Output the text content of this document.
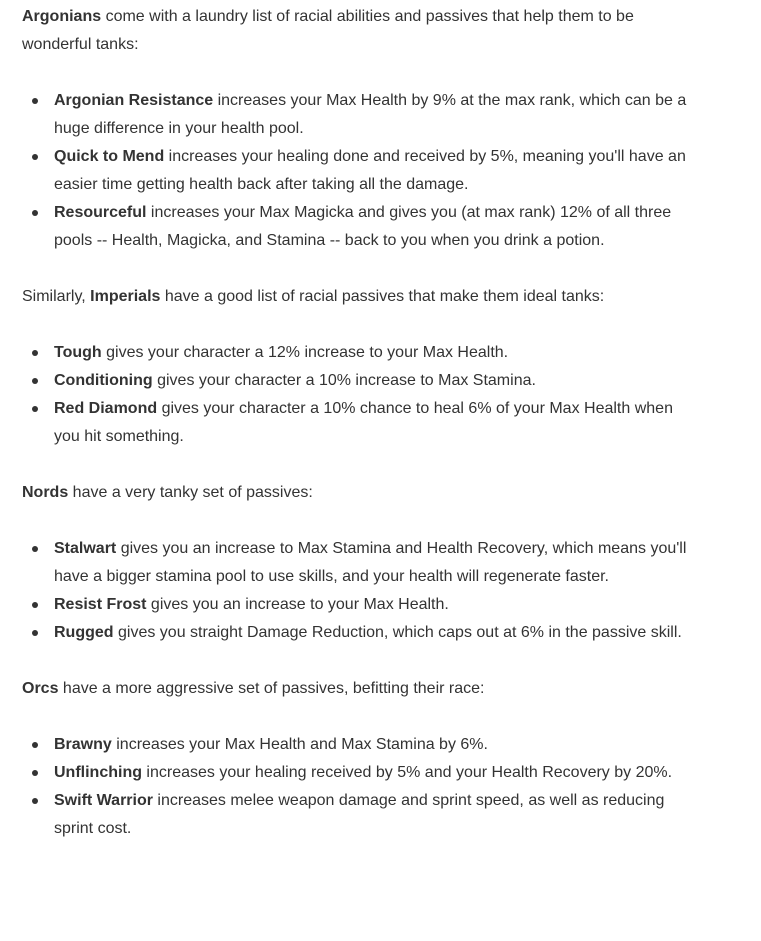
Argonians come with a laundry list of racial abilities and passives that help them to be wonderful tanks:

Argonian Resistance increases your Max Health by 9% at the max rank, which can be a huge difference in your health pool.
Quick to Mend increases your healing done and received by 5%, meaning you'll have an easier time getting health back after taking all the damage.
Resourceful increases your Max Magicka and gives you (at max rank) 12% of all three pools -- Health, Magicka, and Stamina -- back to you when you drink a potion.

Similarly, Imperials have a good list of racial passives that make them ideal tanks:

Tough gives your character a 12% increase to your Max Health.
Conditioning gives your character a 10% increase to Max Stamina.
Red Diamond gives your character a 10% chance to heal 6% of your Max Health when you hit something.

Nords have a very tanky set of passives:

Stalwart gives you an increase to Max Stamina and Health Recovery, which means you'll have a bigger stamina pool to use skills, and your health will regenerate faster.
Resist Frost gives you an increase to your Max Health.
Rugged gives you straight Damage Reduction, which caps out at 6% in the passive skill.

Orcs have a more aggressive set of passives, befitting their race:

Brawny increases your Max Health and Max Stamina by 6%.
Unflinching increases your healing received by 5% and your Health Recovery by 20%.
Swift Warrior increases melee weapon damage and sprint speed, as well as reducing sprint cost.
